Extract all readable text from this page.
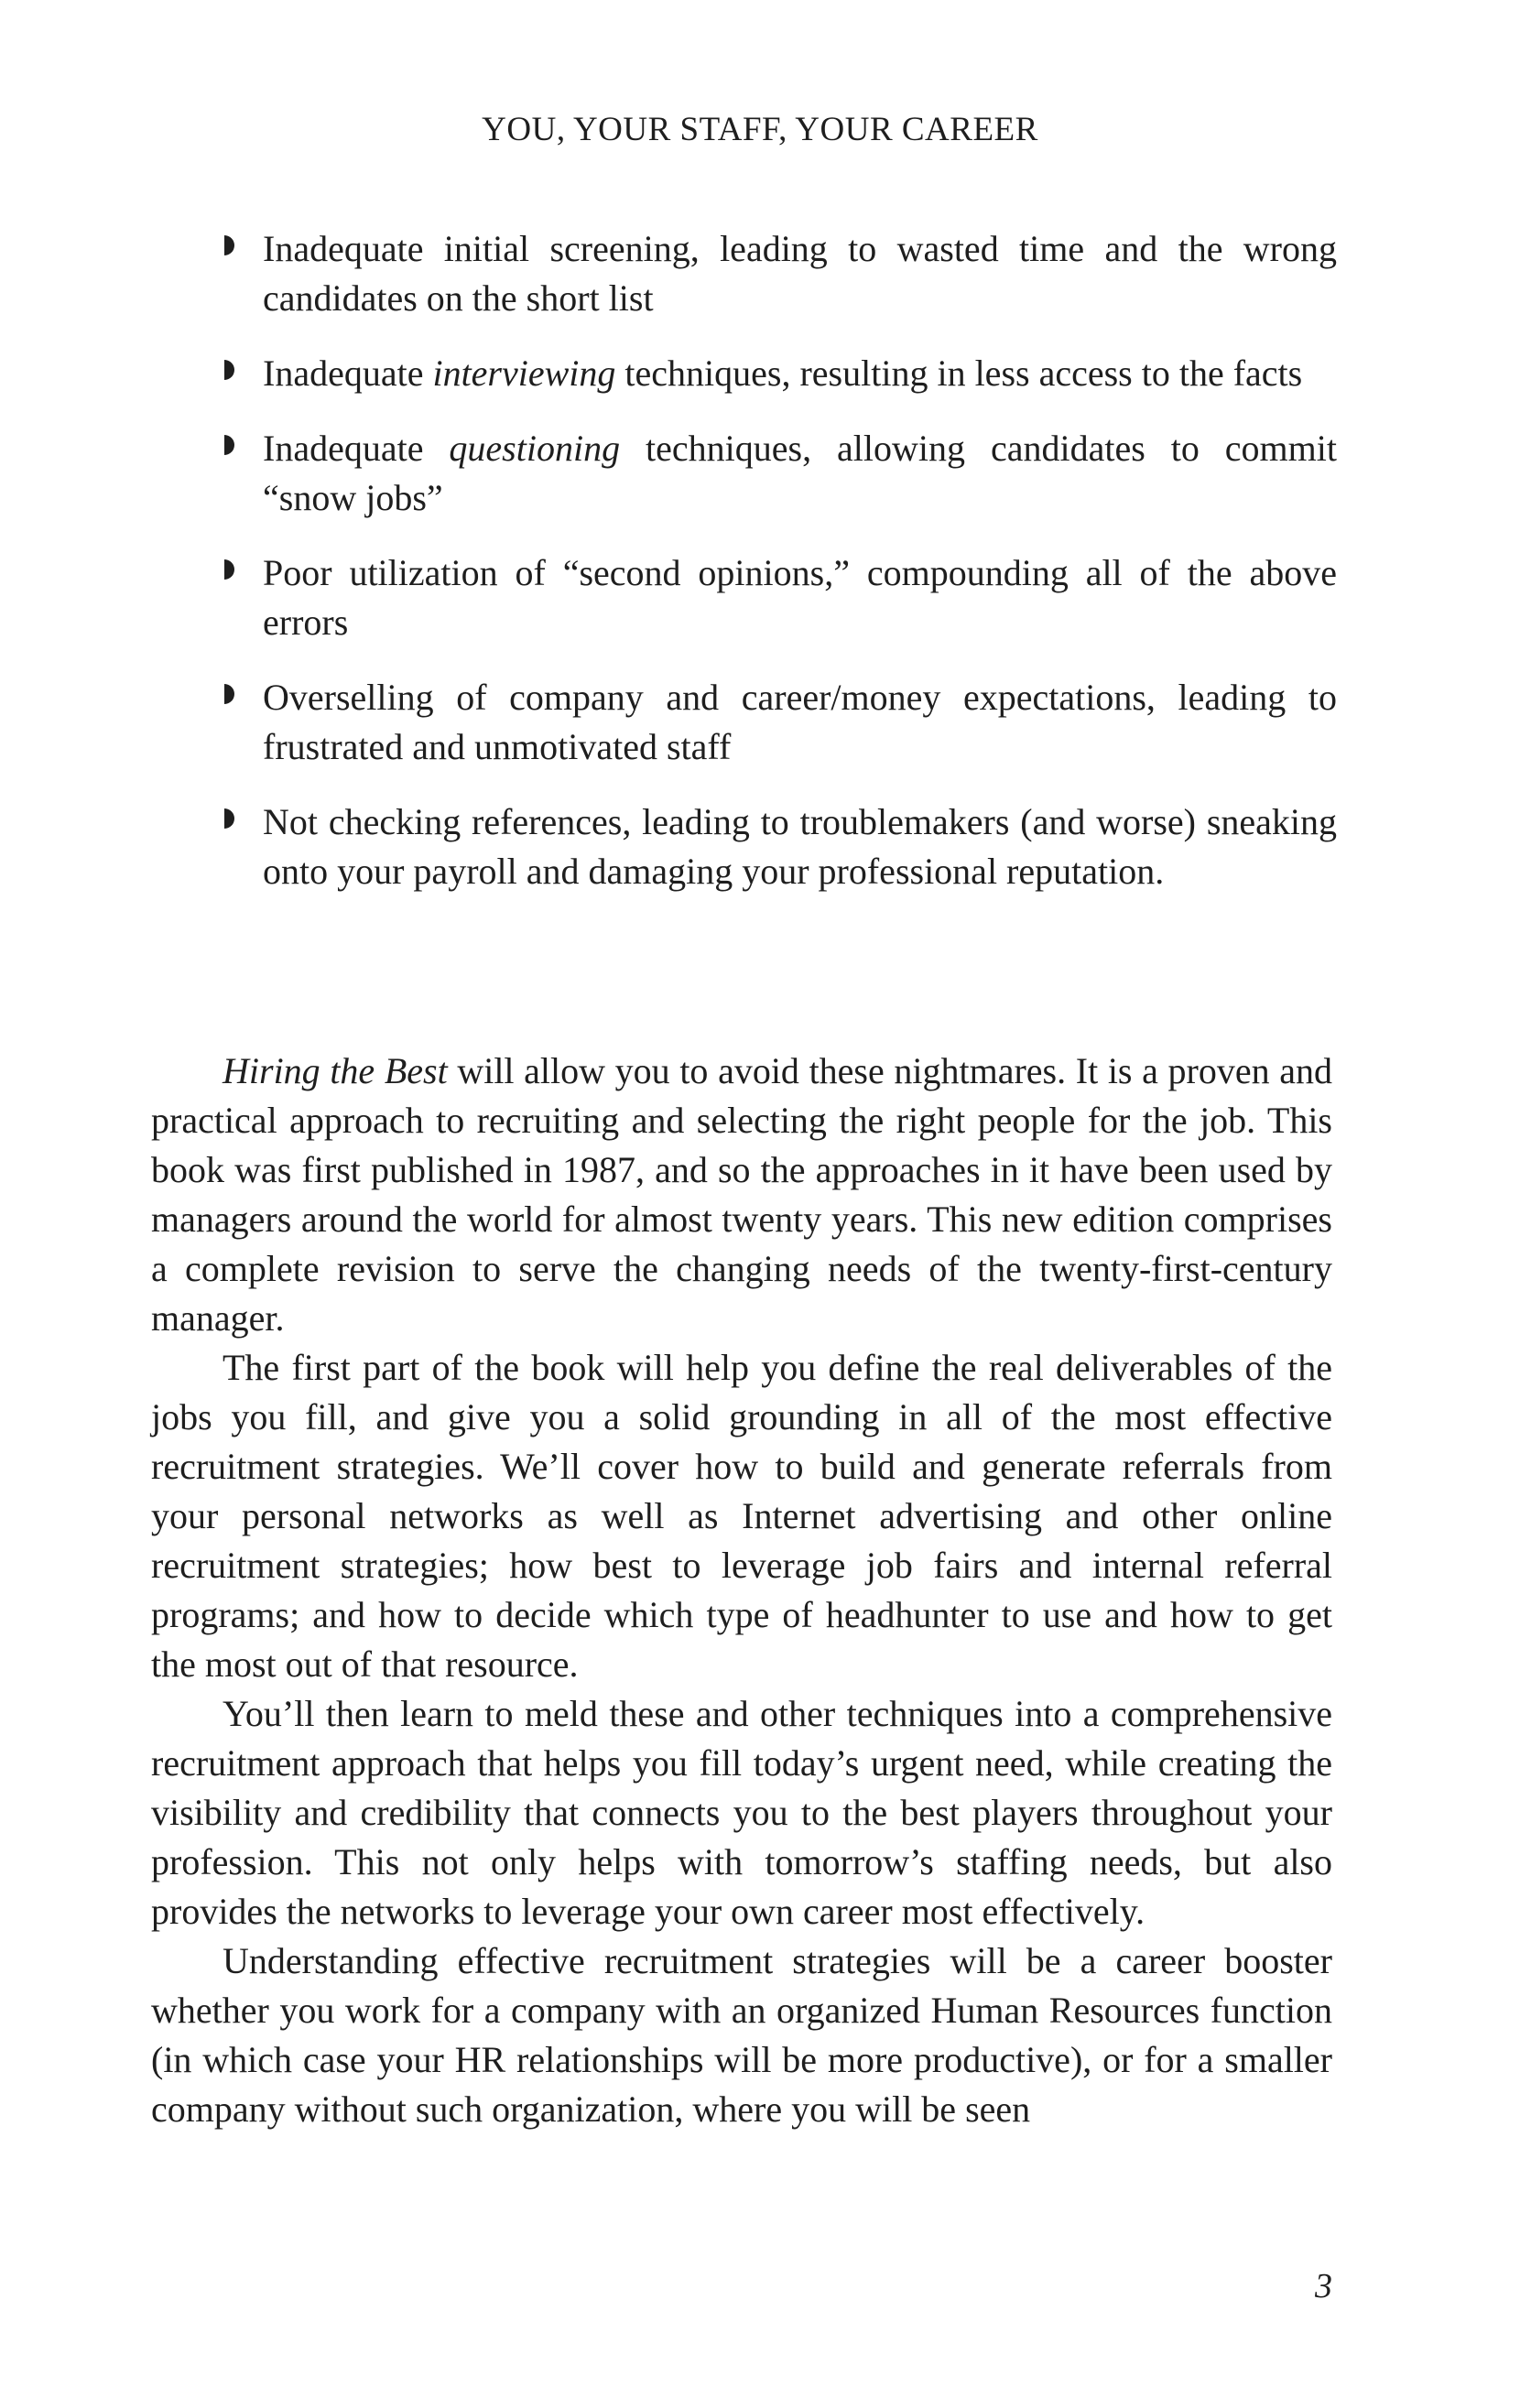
YOU, YOUR STAFF, YOUR CAREER
Inadequate initial screening, leading to wasted time and the wrong candidates on the short list
Inadequate interviewing techniques, resulting in less access to the facts
Inadequate questioning techniques, allowing candidates to commit “snow jobs”
Poor utilization of “second opinions,” compounding all of the above errors
Overselling of company and career/money expectations, leading to frustrated and unmotivated staff
Not checking references, leading to troublemakers (and worse) sneaking onto your payroll and damaging your professional reputation.

Hiring the Best will allow you to avoid these nightmares. It is a proven and practical approach to recruiting and selecting the right people for the job. This book was first published in 1987, and so the approaches in it have been used by managers around the world for almost twenty years. This new edition comprises a complete revision to serve the changing needs of the twenty-first-century manager.

The first part of the book will help you define the real deliverables of the jobs you fill, and give you a solid grounding in all of the most effective recruitment strategies. We’ll cover how to build and generate referrals from your personal networks as well as Internet advertising and other online recruitment strategies; how best to leverage job fairs and internal referral programs; and how to decide which type of headhunter to use and how to get the most out of that resource.

You’ll then learn to meld these and other techniques into a comprehensive recruitment approach that helps you fill today’s urgent need, while creating the visibility and credibility that connects you to the best players throughout your profession. This not only helps with tomorrow’s staffing needs, but also provides the networks to leverage your own career most effectively.

Understanding effective recruitment strategies will be a career booster whether you work for a company with an organized Human Resources function (in which case your HR relationships will be more productive), or for a smaller company without such organization, where you will be seen

3
